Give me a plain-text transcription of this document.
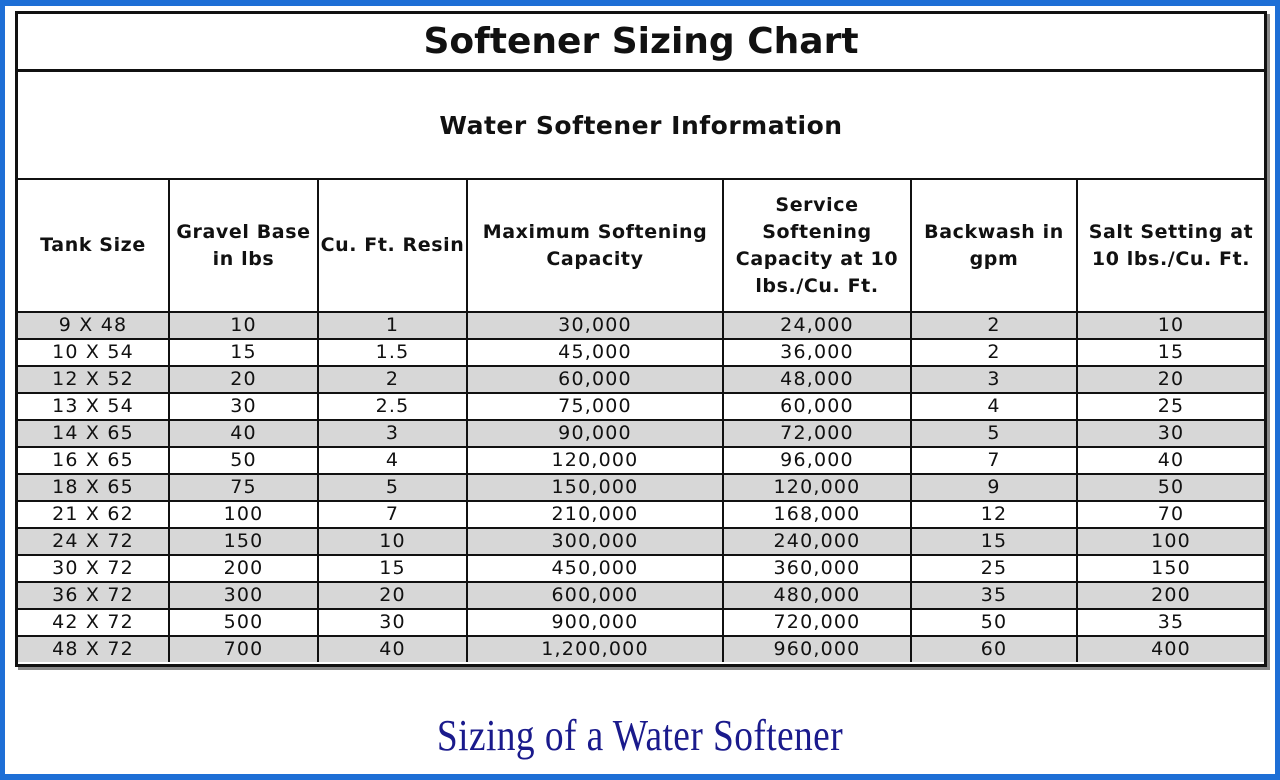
Softener Sizing Chart
Water Softener Information
Tank Size	Gravel Base in lbs	Cu. Ft. Resin	Maximum Softening Capacity	Service Softening Capacity at 10 lbs./Cu. Ft.	Backwash in gpm	Salt Setting at 10 lbs./Cu. Ft.
9 X 48	10	1	30,000	24,000	2	10
10 X 54	15	1.5	45,000	36,000	2	15
12 X 52	20	2	60,000	48,000	3	20
13 X 54	30	2.5	75,000	60,000	4	25
14 X 65	40	3	90,000	72,000	5	30
16 X 65	50	4	120,000	96,000	7	40
18 X 65	75	5	150,000	120,000	9	50
21 X 62	100	7	210,000	168,000	12	70
24 X 72	150	10	300,000	240,000	15	100
30 X 72	200	15	450,000	360,000	25	150
36 X 72	300	20	600,000	480,000	35	200
42 X 72	500	30	900,000	720,000	50	35
48 X 72	700	40	1,200,000	960,000	60	400
Sizing of a Water Softener
